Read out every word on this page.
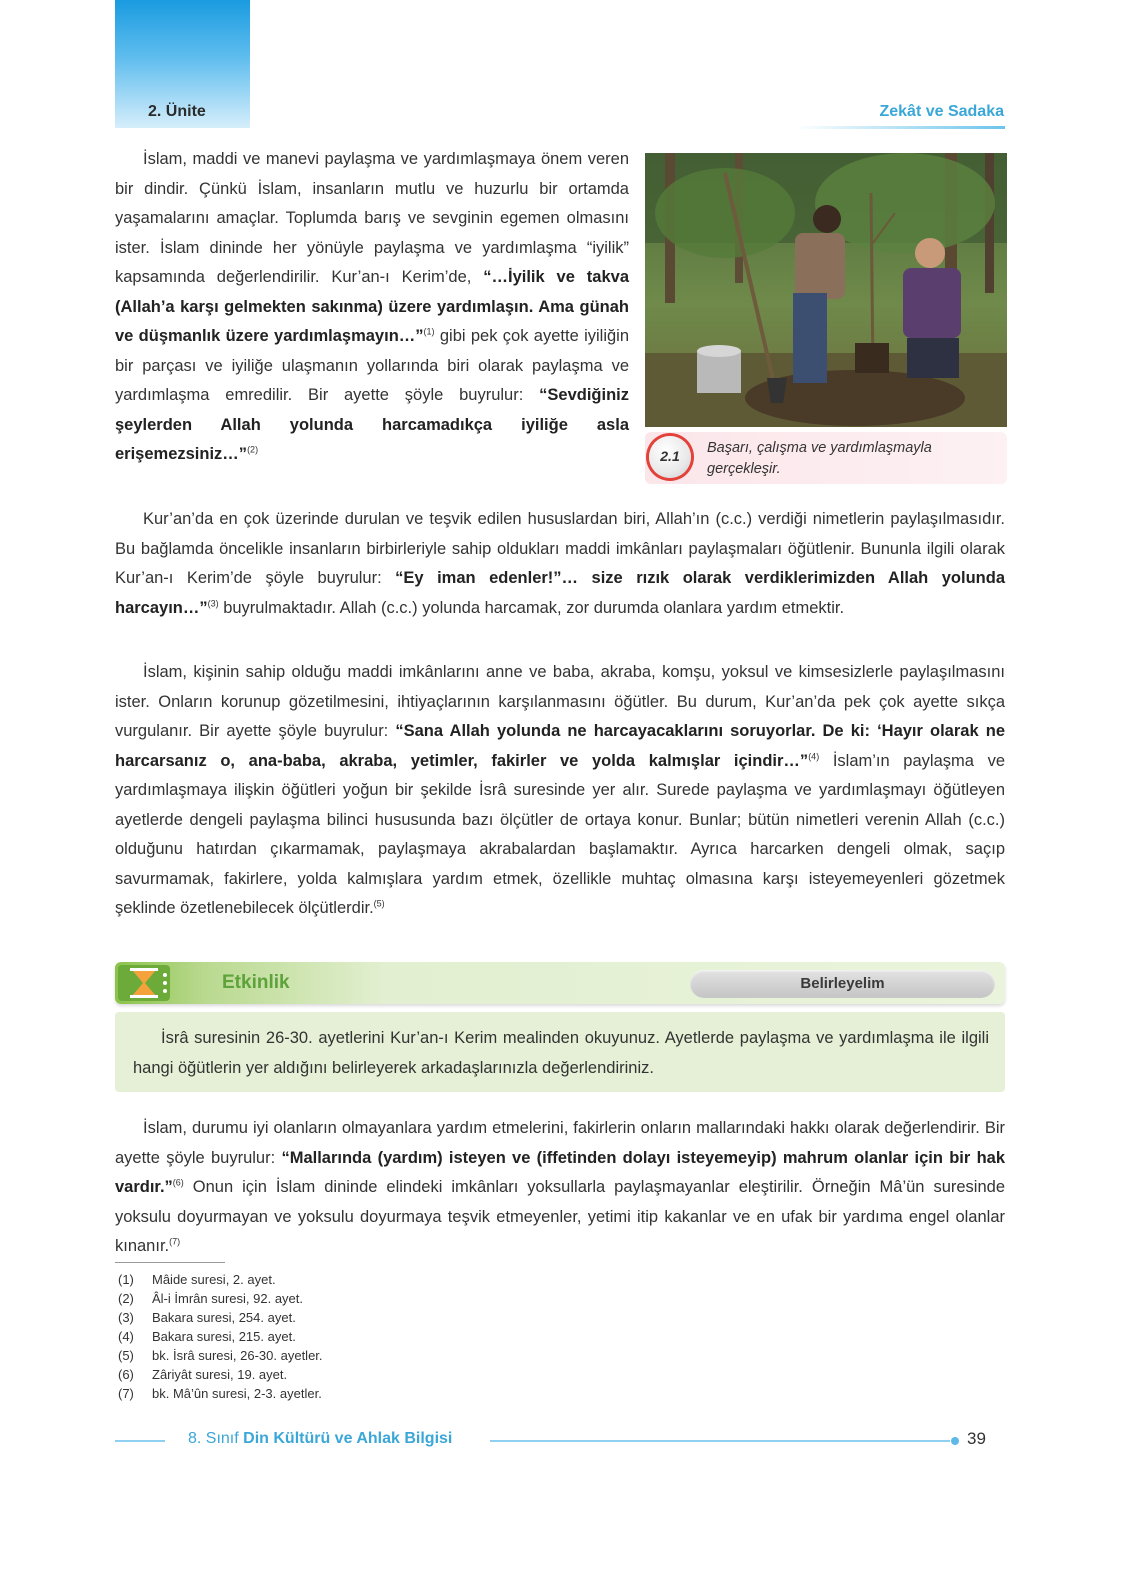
2. Ünite	Zekât ve Sadaka
İslam, maddi ve manevi paylaşma ve yardımlaşmaya önem veren bir dindir. Çünkü İslam, insanların mutlu ve huzurlu bir ortamda yaşamalarını amaçlar. Toplumda barış ve sevginin egemen olmasını ister. İslam dininde her yönüyle paylaşma ve yardımlaşma “iyilik” kapsamında değerlendirilir. Kur’an-ı Kerim’de, “…İyilik ve takva (Allah’a karşı gelmekten sakınma) üzere yardımlaşın. Ama günah ve düşmanlık üzere yardımlaşmayın…”$^{(1)}$ gibi pek çok ayette iyiliğin bir parçası ve iyiliğe ulaşmanın yollarında biri olarak paylaşma ve yardımlaşma emredilir. Bir ayette şöyle buyrulur: “Sevdiğiniz şeylerden Allah yolunda harcamadıkça iyiliğe asla erişemezsiniz…”$^{(2)}$	2.1	Başarı, çalışma ve yardımlaşmayla gerçekleşir.
Kur’an’da en çok üzerinde durulan ve teşvik edilen hususlardan biri, Allah’ın (c.c.) verdiği nimetlerin paylaşılmasıdır. Bu bağlamda öncelikle insanların birbirleriyle sahip oldukları maddi imkânları paylaşmaları öğütlenir. Bununla ilgili olarak Kur’an-ı Kerim’de şöyle buyrulur: “Ey iman edenler!”… size rızık olarak verdiklerimizden Allah yolunda harcayın…”$^{(3)}$ buyrulmaktadır. Allah (c.c.) yolunda harcamak, zor durumda olanlara yardım etmektir.
İslam, kişinin sahip olduğu maddi imkânlarını anne ve baba, akraba, komşu, yoksul ve kimsesizlerle paylaşılmasını ister. Onların korunup gözetilmesini, ihtiyaçlarının karşılanmasını öğütler. Bu durum, Kur’an’da pek çok ayette sıkça vurgulanır. Bir ayette şöyle buyrulur: “Sana Allah yolunda ne harcayacaklarını soruyorlar. De ki: ‘Hayır olarak ne harcarsanız o, ana-baba, akraba, yetimler, fakirler ve yolda kalmışlar içindir…”$^{(4)}$ İslam’ın paylaşma ve yardımlaşmaya ilişkin öğütleri yoğun bir şekilde İsrâ suresinde yer alır. Surede paylaşma ve yardımlaşmayı öğütleyen ayetlerde dengeli paylaşma bilinci hususunda bazı ölçütler de ortaya konur. Bunlar; bütün nimetleri verenin Allah (c.c.) olduğunu hatırdan çıkarmamak, paylaşmaya akrabalardan başlamaktır. Ayrıca harcarken dengeli olmak, saçıp savurmamak, fakirlere, yolda kalmışlara yardım etmek, özellikle muhtaç olmasına karşı isteyemeyenleri gözetmek şeklinde özetlenebilecek ölçütlerdir.$^{(5)}$
Etkinlik	Belirleyelim
İsrâ suresinin 26-30. ayetlerini Kur’an-ı Kerim mealinden okuyunuz. Ayetlerde paylaşma ve yardımlaşma ile ilgili hangi öğütlerin yer aldığını belirleyerek arkadaşlarınızla değerlendiriniz.
İslam, durumu iyi olanların olmayanlara yardım etmelerini, fakirlerin onların mallarındaki hakkı olarak değerlendirir. Bir ayette şöyle buyrulur: “Mallarında (yardım) isteyen ve (iffetinden dolayı isteyemeyip) mahrum olanlar için bir hak vardır.”$^{(6)}$ Onun için İslam dininde elindeki imkânları yoksullarla paylaşmayanlar eleştirilir. Örneğin Mâ’ün suresinde yoksulu doyurmayan ve yoksulu doyurmaya teşvik etmeyenler, yetimi itip kakanlar ve en ufak bir yardıma engel olanlar kınanır.$^{(7)}$
(1)	Mâide suresi, 2. ayet.
(2)	Âl-i İmrân suresi, 92. ayet.
(3)	Bakara suresi, 254. ayet.
(4)	Bakara suresi, 215. ayet.
(5)	bk. İsrâ suresi, 26-30. ayetler.
(6)	Zâriyât suresi, 19. ayet.
(7)	bk. Mâ’ûn suresi, 2-3. ayetler.
8. Sınıf Din Kültürü ve Ahlak Bilgisi	39
